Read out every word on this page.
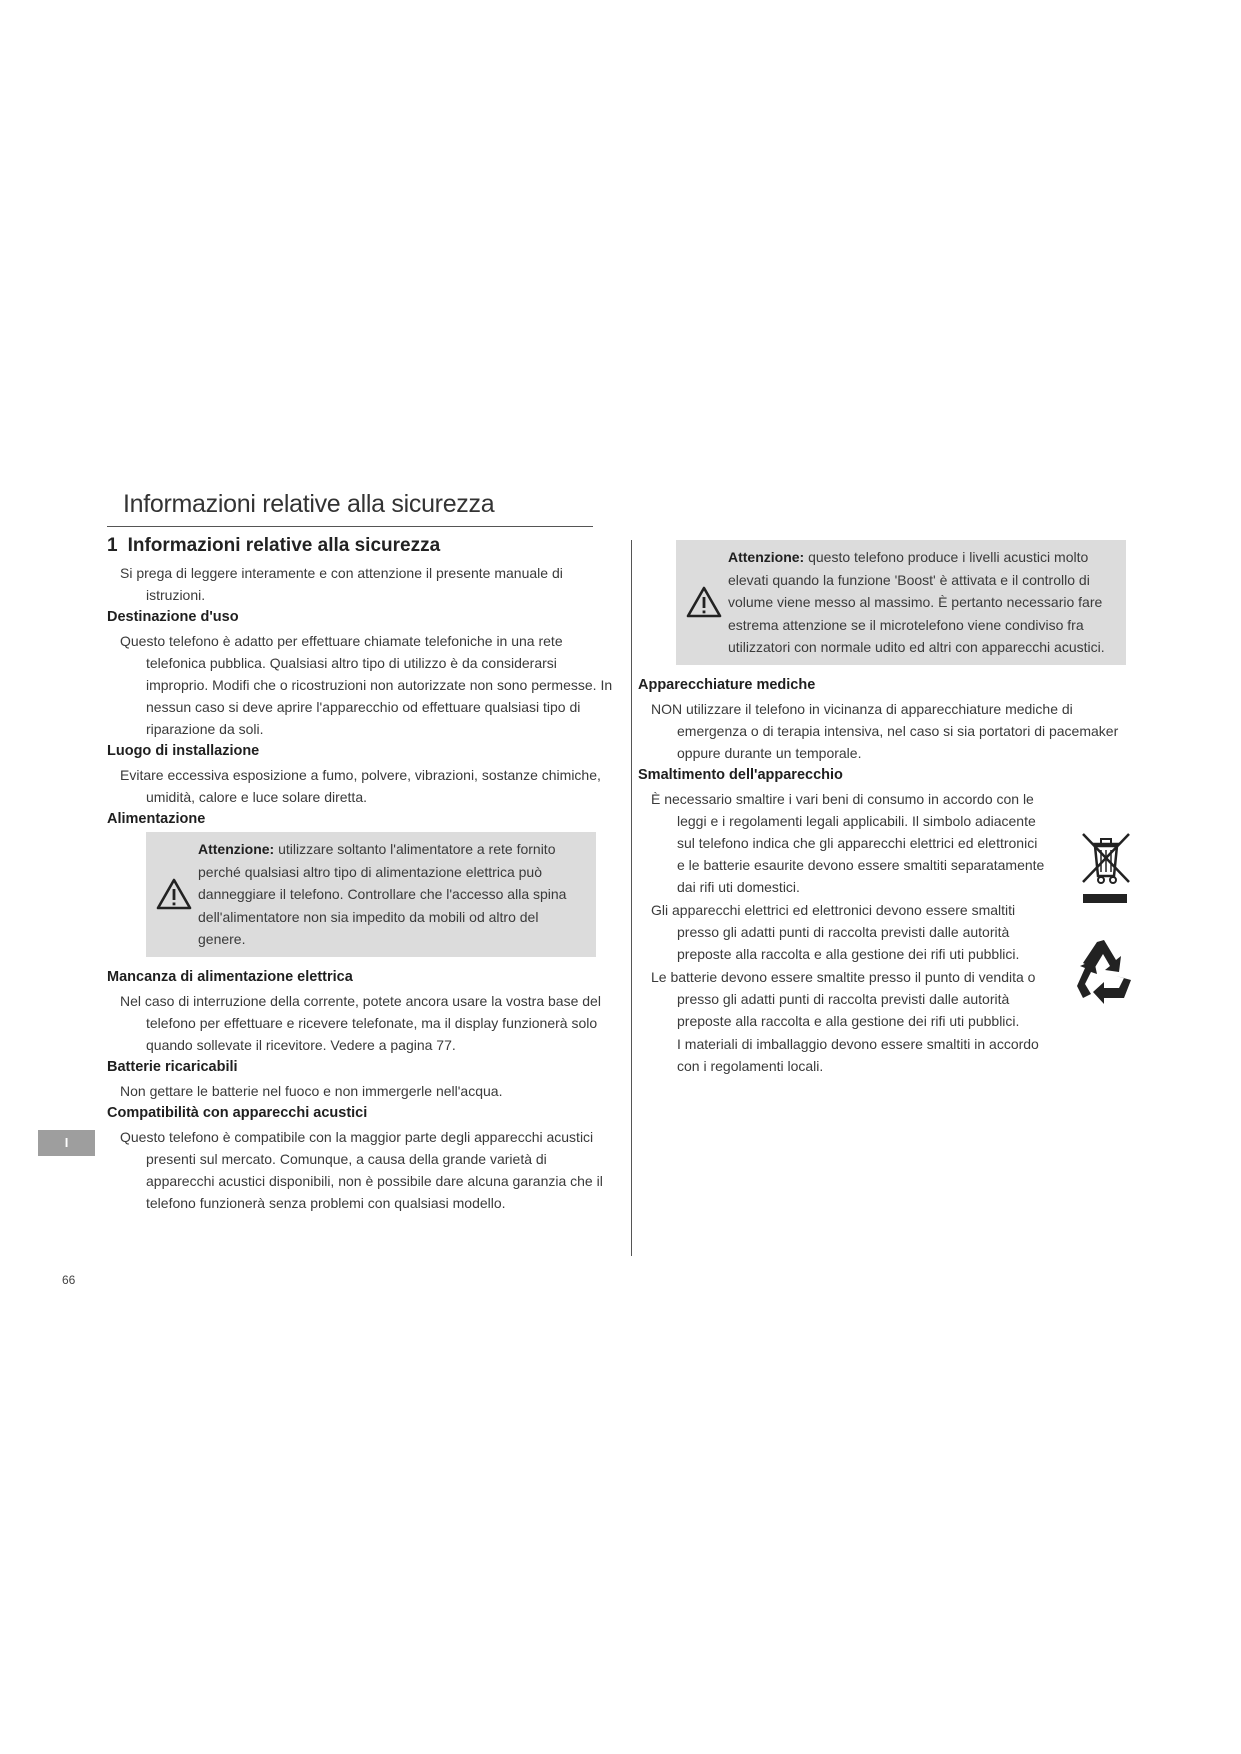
Informazioni relative alla sicurezza
1 Informazioni relative alla sicurezza

Si prega di leggere interamente e con attenzione il presente manuale di istruzioni.

Destinazione d'uso

Questo telefono è adatto per effettuare chiamate telefoniche in una rete telefonica pubblica. Qualsiasi altro tipo di utilizzo è da considerarsi improprio. Modifi che o ricostruzioni non autorizzate non sono permesse. In nessun caso si deve aprire l'apparecchio od effettuare qualsiasi tipo di riparazione da soli.

Luogo di installazione

Evitare eccessiva esposizione a fumo, polvere, vibrazioni, sostanze chimiche, umidità, calore e luce solare diretta.

Alimentazione
Attenzione: utilizzare soltanto l'alimentatore a rete fornito perché qualsiasi altro tipo di alimentazione elettrica può danneggiare il telefono. Controllare che l'accesso alla spina dell'alimentatore non sia impedito da mobili od altro del genere.
Mancanza di alimentazione elettrica

Nel caso di interruzione della corrente, potete ancora usare la vostra base del telefono per effettuare e ricevere telefonate, ma il display funzionerà solo quando sollevate il ricevitore. Vedere a pagina 77.

Batterie ricaricabili

Non gettare le batterie nel fuoco e non immergerle nell'acqua.

Compatibilità con apparecchi acustici

Questo telefono è compatibile con la maggior parte degli apparecchi acustici presenti sul mercato. Comunque, a causa della grande varietà di apparecchi acustici disponibili, non è possibile dare alcuna garanzia che il telefono funzionerà senza problemi con qualsiasi modello.

Attenzione: questo telefono produce i livelli acustici molto elevati quando la funzione 'Boost' è attivata e il controllo di volume viene messo al massimo. È pertanto necessario fare estrema attenzione se il microtelefono viene condiviso fra utilizzatori con normale udito ed altri con apparecchi acustici.
Apparecchiature mediche

NON utilizzare il telefono in vicinanza di apparecchiature mediche di emergenza o di terapia intensiva, nel caso si sia portatori di pacemaker oppure durante un temporale.

Smaltimento dell'apparecchio

È necessario smaltire i vari beni di consumo in accordo con le leggi e i regolamenti legali applicabili. Il simbolo adiacente sul telefono indica che gli apparecchi elettrici ed elettronici e le batterie esaurite devono essere smaltiti separatamente dai rifi uti domestici.

Gli apparecchi elettrici ed elettronici devono essere smaltiti presso gli adatti punti di raccolta previsti dalle autorità preposte alla raccolta e alla gestione dei rifi uti pubblici.

Le batterie devono essere smaltite presso il punto di vendita o presso gli adatti punti di raccolta previsti dalle autorità preposte alla raccolta e alla gestione dei rifi uti pubblici.

I materiali di imballaggio devono essere smaltiti in accordo con i regolamenti locali.

I
66
